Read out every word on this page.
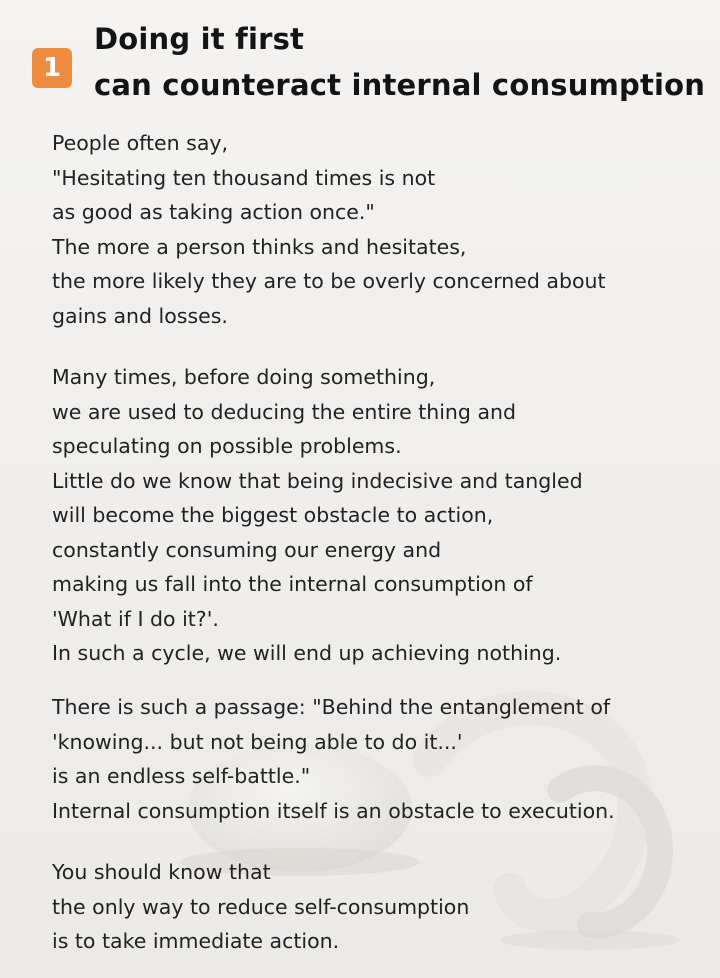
1
Doing it first
can counteract internal consumption
People often say,
"Hesitating ten thousand times is not
as good as taking action once."
The more a person thinks and hesitates,
the more likely they are to be overly concerned about
gains and losses.
Many times, before doing something,
we are used to deducing the entire thing and
speculating on possible problems.
Little do we know that being indecisive and tangled
will become the biggest obstacle to action,
constantly consuming our energy and
making us fall into the internal consumption of
'What if I do it?'.
In such a cycle, we will end up achieving nothing.
There is such a passage: "Behind the entanglement of
'knowing... but not being able to do it...'
is an endless self-battle."
Internal consumption itself is an obstacle to execution.
You should know that
the only way to reduce self-consumption
is to take immediate action.
